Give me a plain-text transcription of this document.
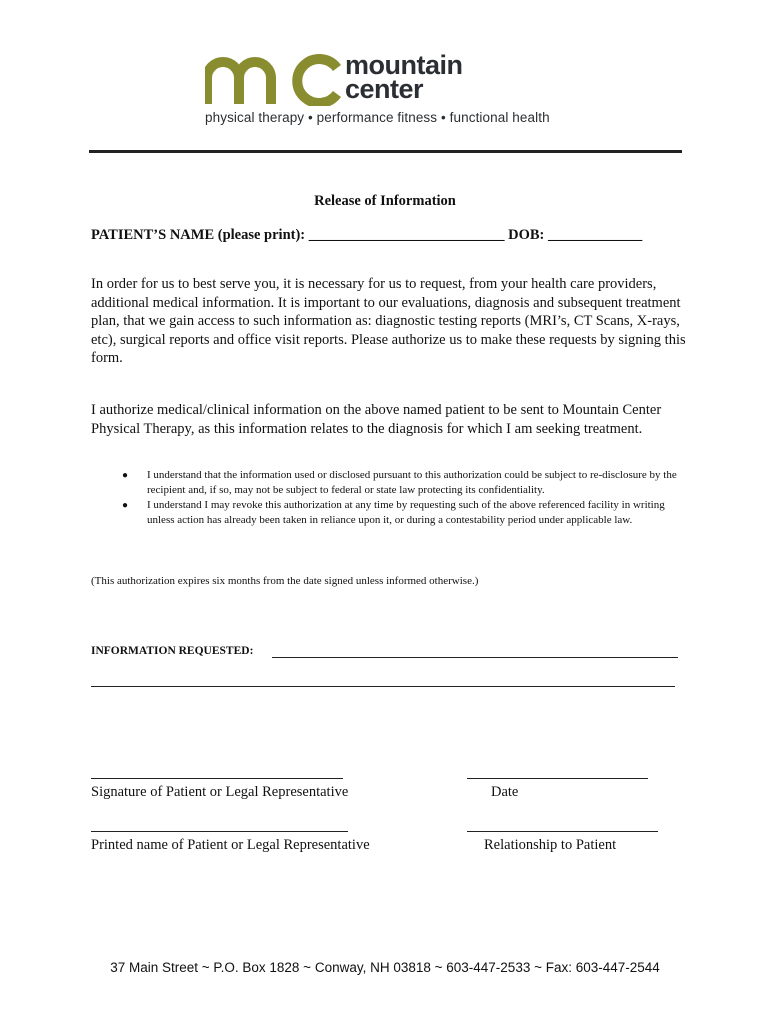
mountain
center
physical therapy • performance fitness • functional health
Release of Information
PATIENT’S NAME (please print): ___________________________ DOB: _____________
In order for us to best serve you, it is necessary for us to request, from your health care providers, additional medical information. It is important to our evaluations, diagnosis and subsequent treatment plan, that we gain access to such information as: diagnostic testing reports (MRI’s, CT Scans, X-rays, etc), surgical reports and office visit reports. Please authorize us to make these requests by signing this form.
I authorize medical/clinical information on the above named patient to be sent to Mountain Center Physical Therapy, as this information relates to the diagnosis for which I am seeking treatment.
● I understand that the information used or disclosed pursuant to this authorization could be subject to re-disclosure by the recipient and, if so, may not be subject to federal or state law protecting its confidentiality.
● I understand I may revoke this authorization at any time by requesting such of the above referenced facility in writing unless action has already been taken in reliance upon it, or during a contestability period under applicable law.
(This authorization expires six months from the date signed unless informed otherwise.)
INFORMATION REQUESTED:
Signature of Patient or Legal Representative	Date
Printed name of Patient or Legal Representative	Relationship to Patient
37 Main Street ~ P.O. Box 1828 ~ Conway, NH 03818 ~ 603-447-2533 ~ Fax: 603-447-2544
